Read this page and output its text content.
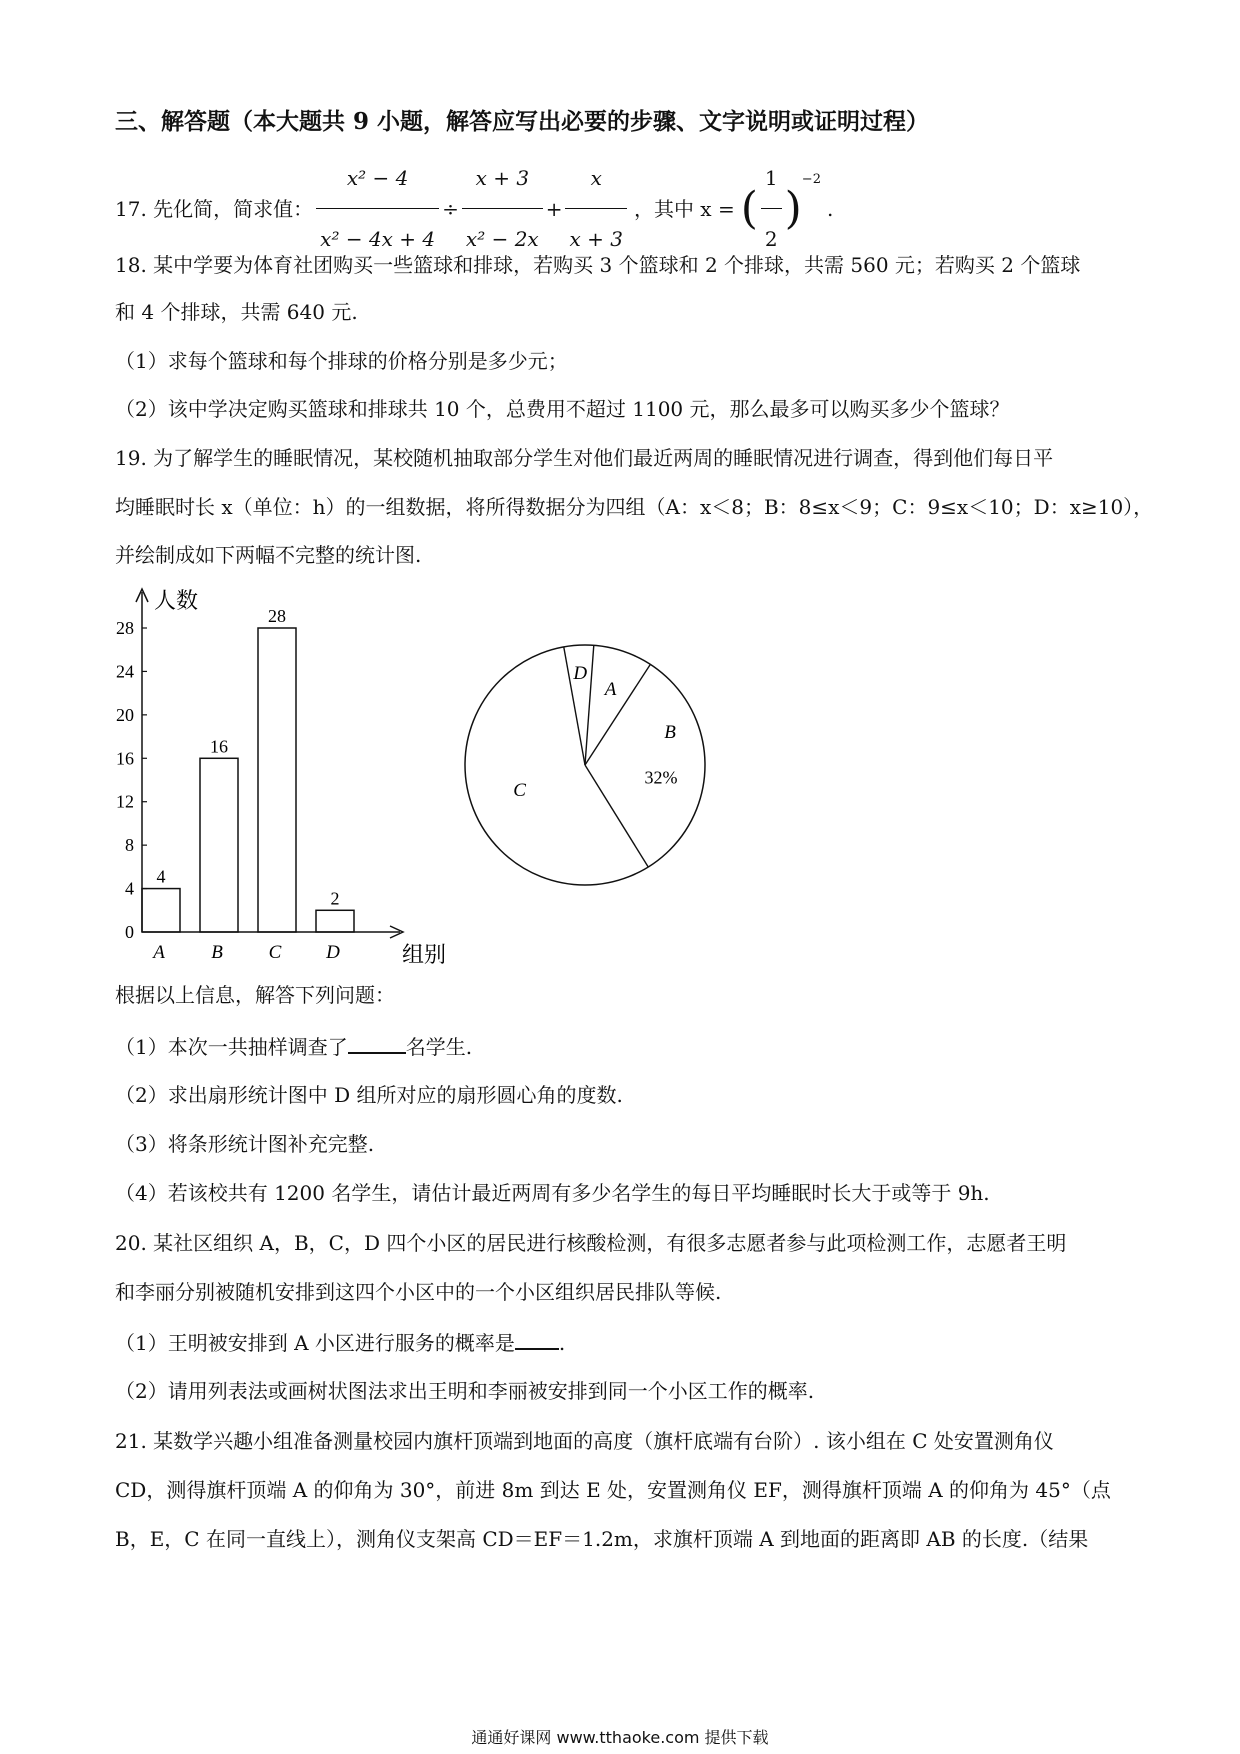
三、解答题（本大题共 9 小题，解答应写出必要的步骤、文字说明或证明过程）
17. 先化简，简求值： $\frac{\text{x² − 4}}{\text{x² − 4x + 4}} \div \frac{x + 3}{\text{x² − 2x}} + \frac{x}{x + 3}$ ，其中 x = ( $\frac{1}{2}$ )
$^{-2}$
.
18. 某中学要为体育社团购买一些篮球和排球，若购买 3 个篮球和 2 个排球，共需 560 元；若购买 2 个篮球
和 4 个排球，共需 640 元.
（1）求每个篮球和每个排球的价格分别是多少元；
（2）该中学决定购买篮球和排球共 10 个，总费用不超过 1100 元，那么最多可以购买多少个篮球？
19. 为了解学生的睡眠情况，某校随机抽取部分学生对他们最近两周的睡眠情况进行调查，得到他们每日平
均睡眠时长 x（单位：h）的一组数据，将所得数据分为四组（A：x＜8；B：8≤x＜9；C：9≤x＜10；D：x≥10），
并绘制成如下两幅不完整的统计图.
人数
组别
0
4
8
12
16
20
24
28
4
A
16
B
28
C
2
D
B
C
D
A
32%
根据以上信息，解答下列问题：
（1）本次一共抽样调查了	名学生.
（2）求出扇形统计图中 D 组所对应的扇形圆心角的度数.
（3）将条形统计图补充完整.
（4）若该校共有 1200 名学生，请估计最近两周有多少名学生的每日平均睡眠时长大于或等于 9h.
20. 某社区组织 A，B，C，D 四个小区的居民进行核酸检测，有很多志愿者参与此项检测工作，志愿者王明
和李丽分别被随机安排到这四个小区中的一个小区组织居民排队等候.
（1）王明被安排到 A 小区进行服务的概率是 .
（2）请用列表法或画树状图法求出王明和李丽被安排到同一个小区工作的概率.
21. 某数学兴趣小组准备测量校园内旗杆顶端到地面的高度（旗杆底端有台阶）. 该小组在 C 处安置测角仪
CD，测得旗杆顶端 A 的仰角为 30°，前进 8m 到达 E 处，安置测角仪 EF，测得旗杆顶端 A 的仰角为 45°（点
B，E，C 在同一直线上），测角仪支架高 CD＝EF＝1.2m，求旗杆顶端 A 到地面的距离即 AB 的长度.（结果
通通好课网 www.tthaoke.com 提供下载
